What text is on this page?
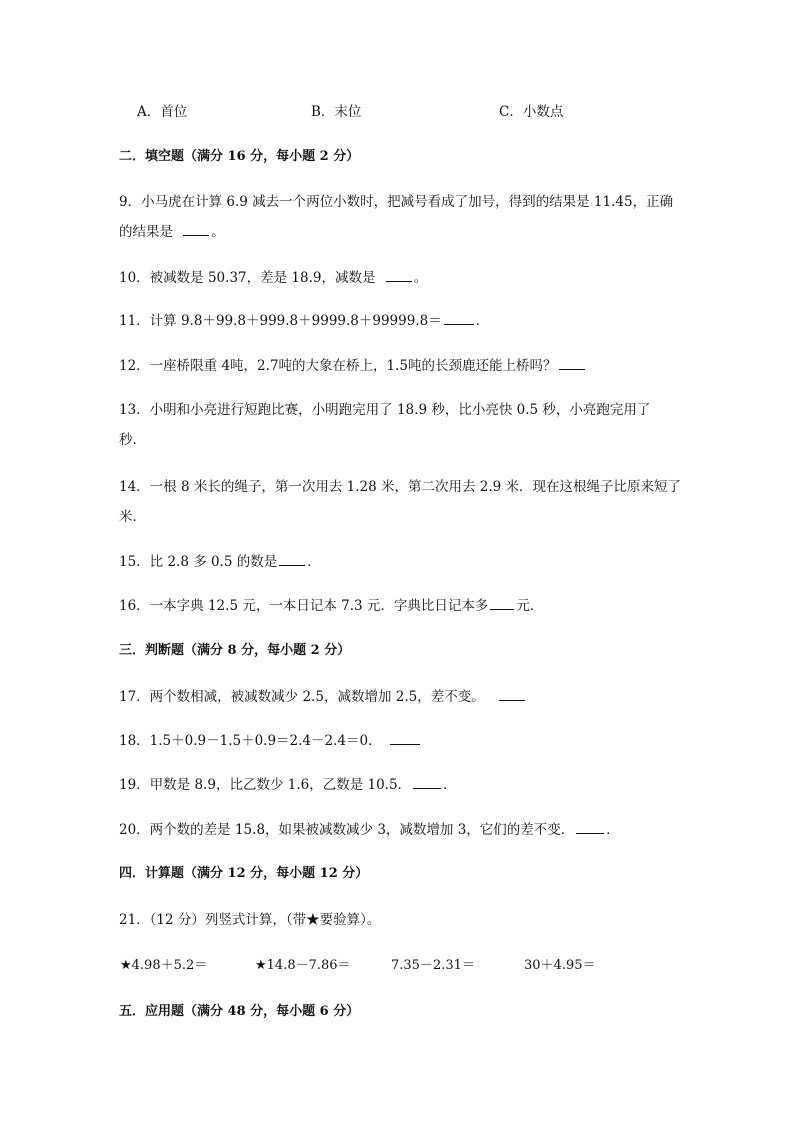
A．首位	B．末位	C．小数点
二．填空题（满分 16 分，每小题 2 分）
9．小马虎在计算 6.9 减去一个两位小数时，把减号看成了加号，得到的结果是 11.45，正确
的结果是	。
10．被减数是 50.37，差是 18.9，减数是	。
11．计算 9.8＋99.8＋999.8＋9999.8＋99999.8＝	．
12．一座桥限重 4吨，2.7吨的大象在桥上，1.5吨的长颈鹿还能上桥吗？
13．小明和小亮进行短跑比赛，小明跑完用了 18.9 秒，比小亮快 0.5 秒，小亮跑完用了
秒．
14．一根 8 米长的绳子，第一次用去 1.28 米，第二次用去 2.9 米．现在这根绳子比原来短了
米．
15．比 2.8 多 0.5 的数是 ．
16．一本字典 12.5 元，一本日记本 7.3 元．字典比日记本多 元．
三．判断题（满分 8 分，每小题 2 分）
17．两个数相减，被减数减少 2.5，减数增加 2.5，差不变。
18．1.5＋0.9－1.5＋0.9＝2.4－2.4＝0．
19．甲数是 8.9，比乙数少 1.6，乙数是 10.5． ．
20．两个数的差是 15.8，如果被减数减少 3，减数增加 3，它们的差不变． ．
四．计算题（满分 12 分，每小题 12 分）
21．（12 分）列竖式计算，（带★要验算）。
★4.98＋5.2＝	★14.8－7.86＝	7.35－2.31＝	30＋4.95＝
五．应用题（满分 48 分，每小题 6 分）
